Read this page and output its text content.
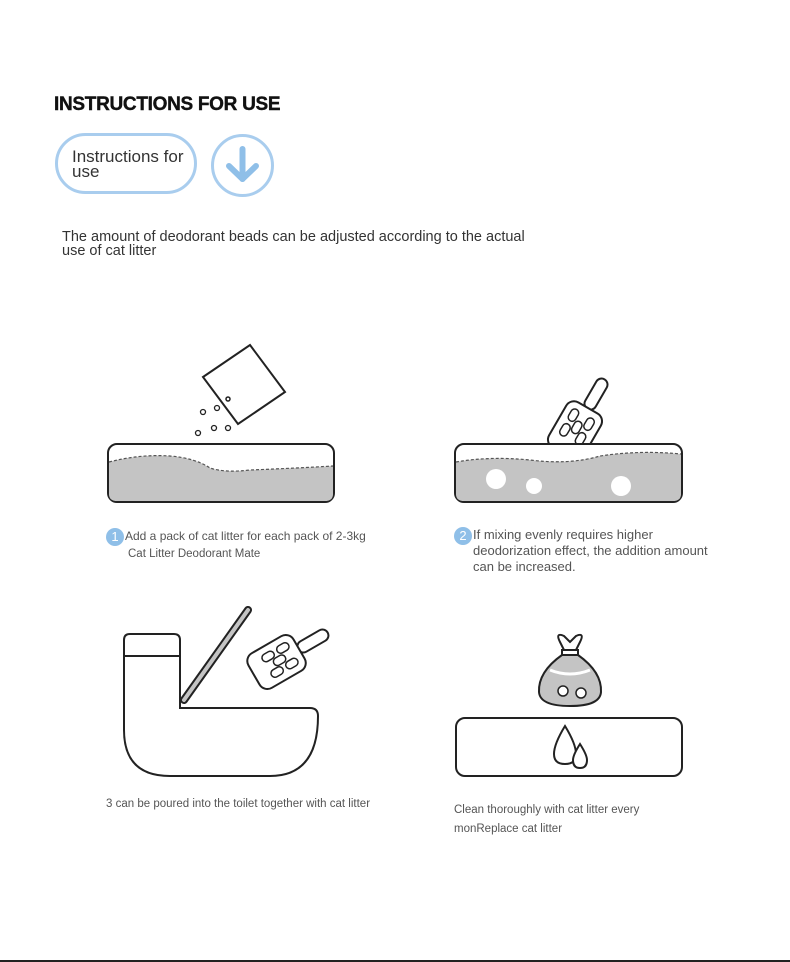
INSTRUCTIONS FOR USE
Instructions for use
The amount of deodorant beads can be adjusted according to the actual use of cat litter
1 Add a pack of cat litter for each pack of 2-3kg
Cat Litter Deodorant Mate
2 If mixing evenly requires higher deodorization effect, the addition amount can be increased.
3 can be poured into the toilet together with cat litter	Clean thoroughly with cat litter every
monReplace cat litter
